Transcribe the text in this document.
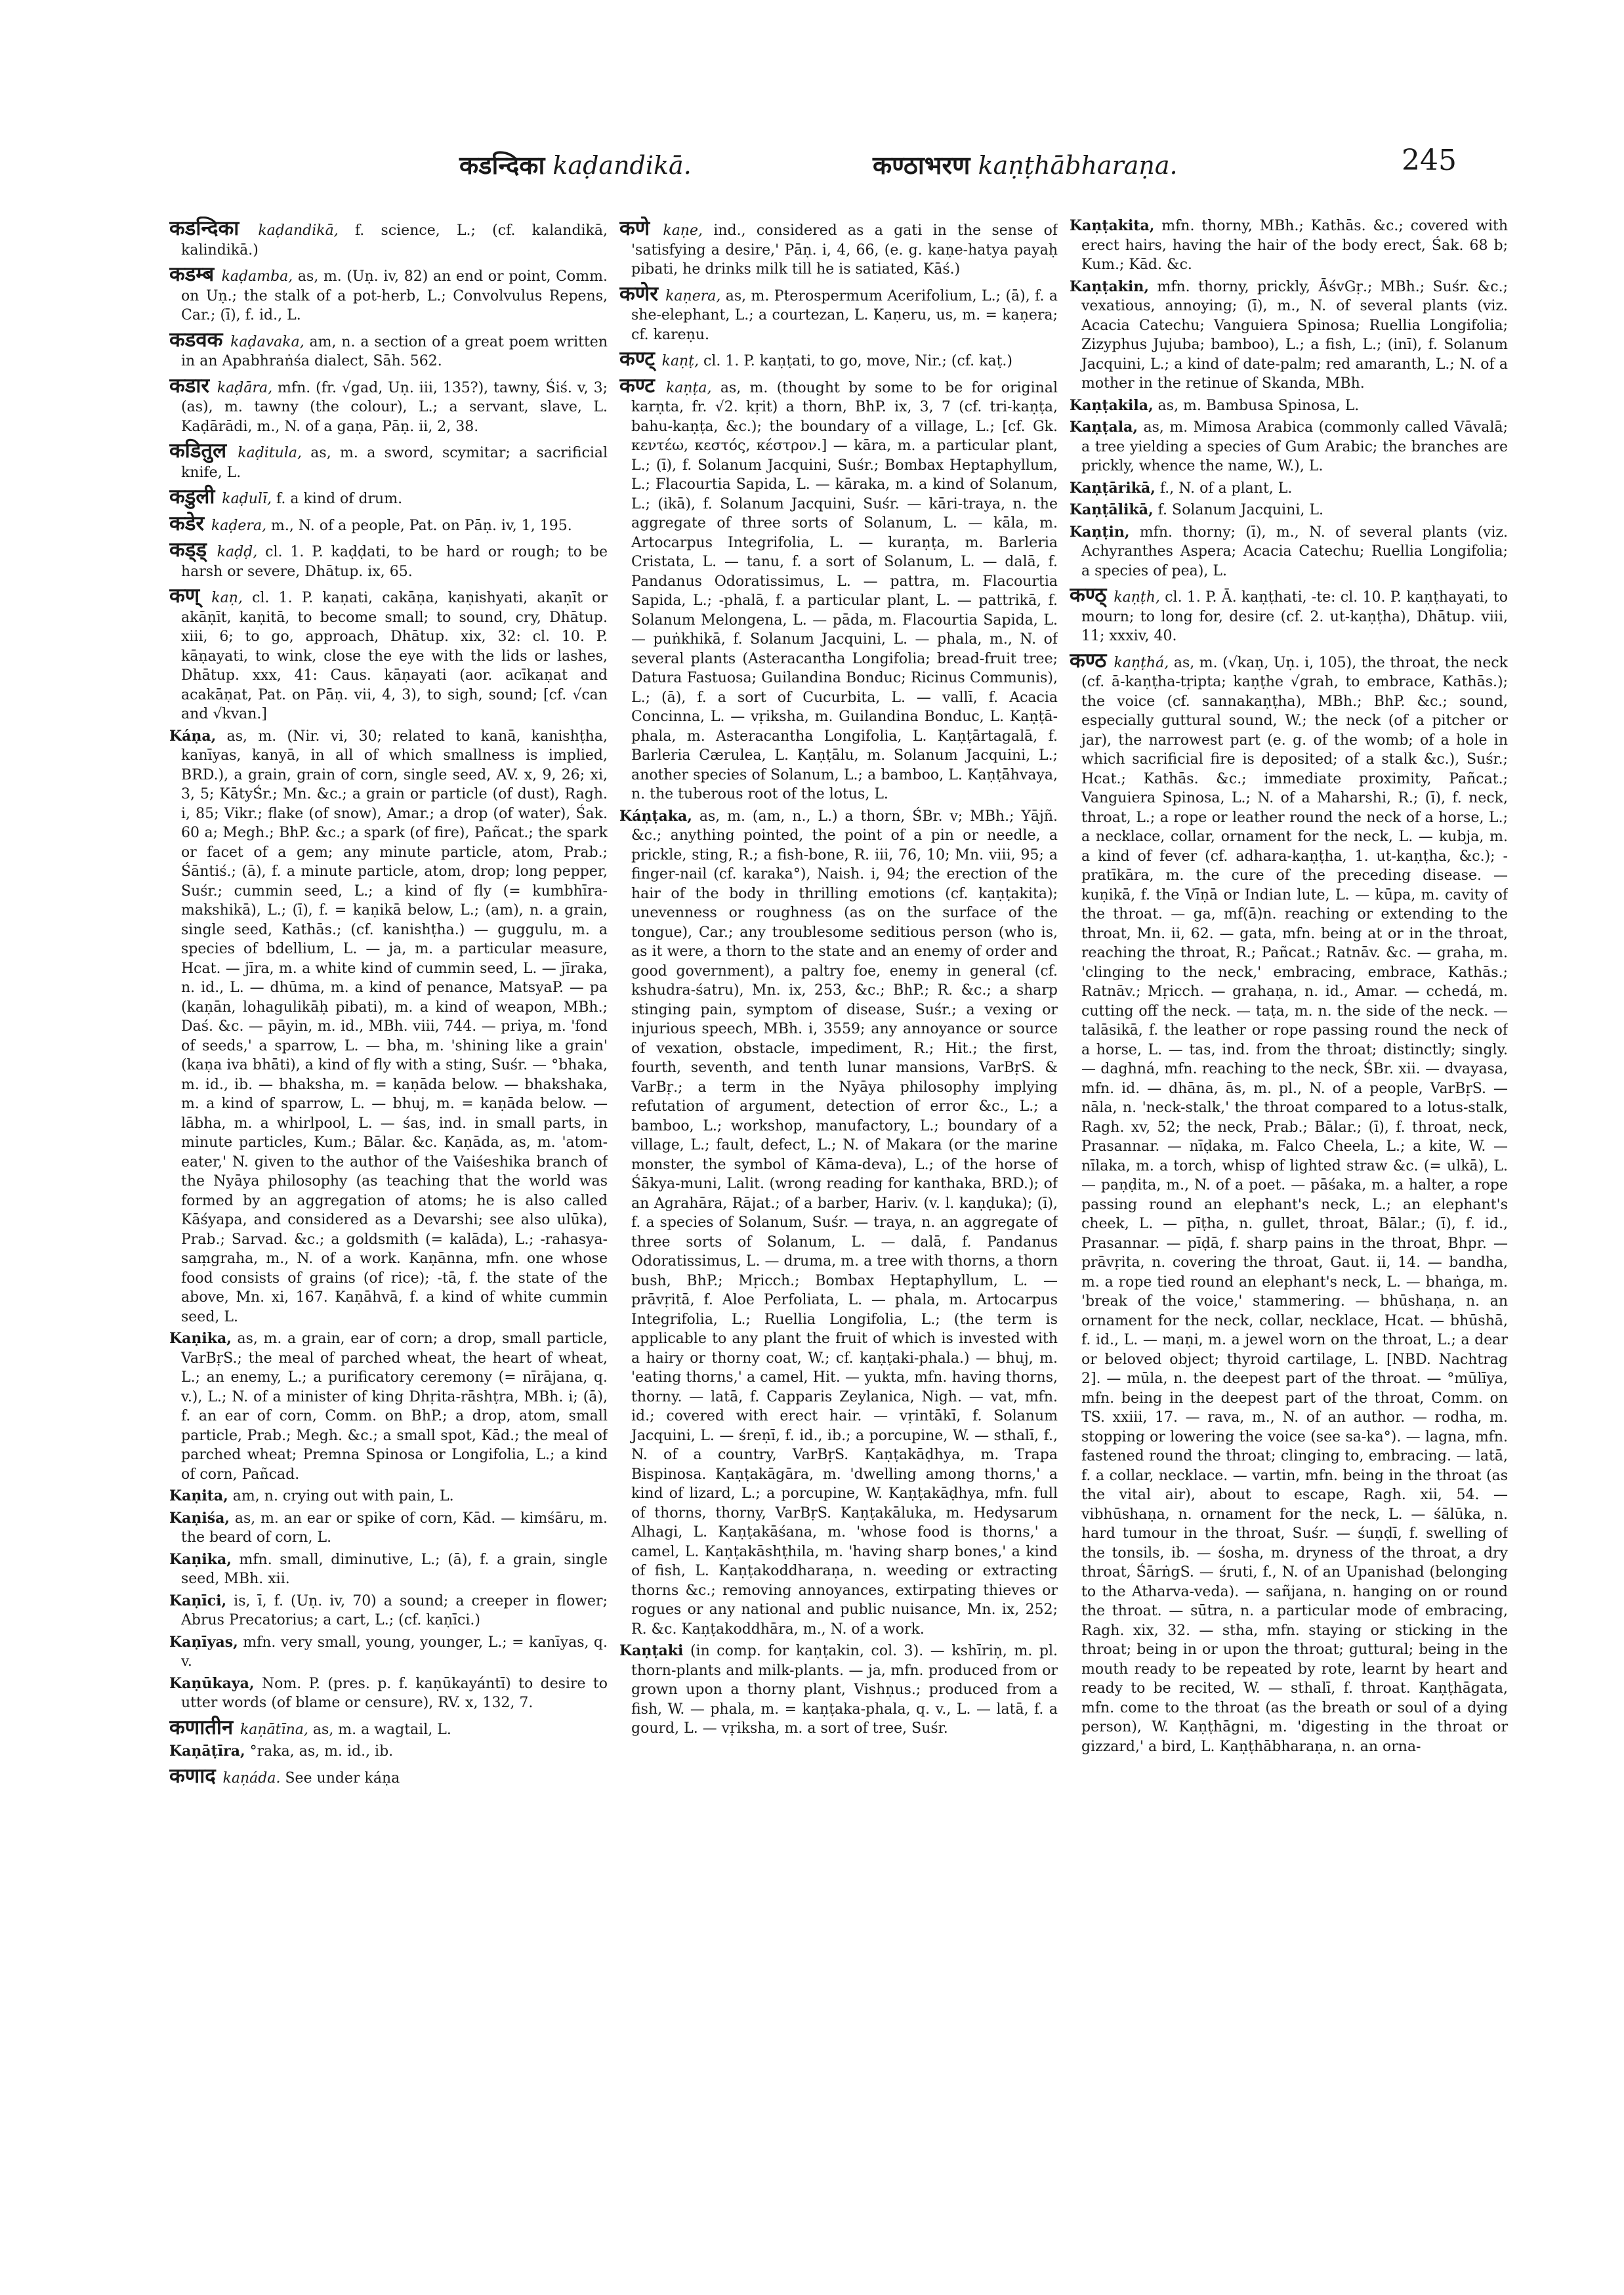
कडन्दिका kaḍandikā.	कण्ठाभरण kaṇṭhābharaṇa.	245

कडन्दिका kaḍandikā, f. science, L.; (cf. kalandikā, kalindikā.)

कडम्ब kaḍamba, as, m. (Uṇ. iv, 82) an end or point, Comm. on Uṇ.; the stalk of a pot-herb, L.; Convolvulus Repens, Car.; (ī), f. id., L.

कडवक kaḍavaka, am, n. a section of a great poem written in an Apabhraṅśa dialect, Sāh. 562.

कडार kaḍāra, mfn. (fr. √gad, Uṇ. iii, 135?), tawny, Śiś. v, 3; (as), m. tawny (the colour), L.; a servant, slave, L. Kaḍārādi, m., N. of a gaṇa, Pāṇ. ii, 2, 38.

कडितुल kaḍitula, as, m. a sword, scymitar; a sacrificial knife, L.

कडुली kaḍulī, f. a kind of drum.

कडेर kaḍera, m., N. of a people, Pat. on Pāṇ. iv, 1, 195.

कड्ड् kaḍḍ, cl. 1. P. kaḍḍati, to be hard or rough; to be harsh or severe, Dhātup. ix, 65.

कण् kaṇ, cl. 1. P. kaṇati, cakāṇa, kaṇishyati, akaṇīt or akāṇīt, kaṇitā, to become small; to sound, cry, Dhātup. xiii, 6; to go, approach, Dhātup. xix, 32: cl. 10. P. kāṇayati, to wink, close the eye with the lids or lashes, Dhātup. xxx, 41: Caus. kāṇayati (aor. acīkaṇat and acakāṇat, Pat. on Pāṇ. vii, 4, 3), to sigh, sound; [cf. √can and √kvan.]

Káṇa, as, m. (Nir. vi, 30; related to kanā, kanishṭha, kanīyas, kanyā, in all of which smallness is implied, BRD.), a grain, grain of corn, single seed, AV. x, 9, 26; xi, 3, 5; KātyŚr.; Mn. &c.; a grain or particle (of dust), Ragh. i, 85; Vikr.; flake (of snow), Amar.; a drop (of water), Śak. 60 a; Megh.; BhP. &c.; a spark (of fire), Pañcat.; the spark or facet of a gem; any minute particle, atom, Prab.; Śāntiś.; (ā), f. a minute particle, atom, drop; long pepper, Suśr.; cummin seed, L.; a kind of fly (= kumbhīra-makshikā), L.; (ī), f. = kaṇikā below, L.; (am), n. a grain, single seed, Kathās.; (cf. kanishṭha.) — guggulu, m. a species of bdellium, L. — ja, m. a particular measure, Hcat. — jīra, m. a white kind of cummin seed, L. — jīraka, n. id., L. — dhūma, m. a kind of penance, MatsyaP. — pa (kaṇān, lohagulikāḥ pibati), m. a kind of weapon, MBh.; Daś. &c. — pāyin, m. id., MBh. viii, 744. — priya, m. 'fond of seeds,' a sparrow, L. — bha, m. 'shining like a grain' (kaṇa iva bhāti), a kind of fly with a sting, Suśr. — °bhaka, m. id., ib. — bhaksha, m. = kaṇāda below. — bhakshaka, m. a kind of sparrow, L. — bhuj, m. = kaṇāda below. — lābha, m. a whirlpool, L. — śas, ind. in small parts, in minute particles, Kum.; Bālar. &c. Kaṇāda, as, m. 'atom-eater,' N. given to the author of the Vaiśeshika branch of the Nyāya philosophy (as teaching that the world was formed by an aggregation of atoms; he is also called Kāśyapa, and considered as a Devarshi; see also ulūka), Prab.; Sarvad. &c.; a goldsmith (= kalāda), L.; -rahasya-saṃgraha, m., N. of a work. Kaṇānna, mfn. one whose food consists of grains (of rice); -tā, f. the state of the above, Mn. xi, 167. Kaṇāhvā, f. a kind of white cummin seed, L.

Kaṇika, as, m. a grain, ear of corn; a drop, small particle, VarBṛS.; the meal of parched wheat, the heart of wheat, L.; an enemy, L.; a purificatory ceremony (= nīrājana, q. v.), L.; N. of a minister of king Dhṛita-rāshṭra, MBh. i; (ā), f. an ear of corn, Comm. on BhP.; a drop, atom, small particle, Prab.; Megh. &c.; a small spot, Kād.; the meal of parched wheat; Premna Spinosa or Longifolia, L.; a kind of corn, Pañcad.

Kaṇita, am, n. crying out with pain, L.

Kaṇiśa, as, m. an ear or spike of corn, Kād. — kimśāru, m. the beard of corn, L.

Kaṇika, mfn. small, diminutive, L.; (ā), f. a grain, single seed, MBh. xii.

Kaṇīci, is, ī, f. (Uṇ. iv, 70) a sound; a creeper in flower; Abrus Precatorius; a cart, L.; (cf. kaṇīci.)

Kaṇīyas, mfn. very small, young, younger, L.; = kanīyas, q. v.

Kaṇūkaya, Nom. P. (pres. p. f. kaṇūkayántī) to desire to utter words (of blame or censure), RV. x, 132, 7.

कणातीन kaṇātīna, as, m. a wagtail, L.

Kaṇāṭīra, °raka, as, m. id., ib.

कणाद kaṇáda. See under káṇa

कणे kaṇe, ind., considered as a gati in the sense of 'satisfying a desire,' Pāṇ. i, 4, 66, (e. g. kaṇe-hatya payaḥ pibati, he drinks milk till he is satiated, Kāś.)

कणेर kaṇera, as, m. Pterospermum Acerifolium, L.; (ā), f. a she-elephant, L.; a courtezan, L. Kaṇeru, us, m. = kaṇera; cf. kareṇu.

कण्ट् kaṇṭ, cl. 1. P. kaṇṭati, to go, move, Nir.; (cf. kaṭ.)

कण्ट kaṇṭa, as, m. (thought by some to be for original karṇta, fr. √2. kṛit) a thorn, BhP. ix, 3, 7 (cf. tri-kaṇṭa, bahu-kaṇṭa, &c.); the boundary of a village, L.; [cf. Gk. κεντέω, κεστός, κέστρον.] — kāra, m. a particular plant, L.; (ī), f. Solanum Jacquini, Suśr.; Bombax Heptaphyllum, L.; Flacourtia Sapida, L. — kāraka, m. a kind of Solanum, L.; (ikā), f. Solanum Jacquini, Suśr. — kāri-traya, n. the aggregate of three sorts of Solanum, L. — kāla, m. Artocarpus Integrifolia, L. — kuraṇṭa, m. Barleria Cristata, L. — tanu, f. a sort of Solanum, L. — dalā, f. Pandanus Odoratissimus, L. — pattra, m. Flacourtia Sapida, L.; -phalā, f. a particular plant, L. — pattrikā, f. Solanum Melongena, L. — pāda, m. Flacourtia Sapida, L. — puṅkhikā, f. Solanum Jacquini, L. — phala, m., N. of several plants (Asteracantha Longifolia; bread-fruit tree; Datura Fastuosa; Guilandina Bonduc; Ricinus Communis), L.; (ā), f. a sort of Cucurbita, L. — vallī, f. Acacia Concinna, L. — vṛiksha, m. Guilandina Bonduc, L. Kaṇṭā-phala, m. Asteracantha Longifolia, L. Kaṇṭārtagalā, f. Barleria Cærulea, L. Kaṇṭālu, m. Solanum Jacquini, L.; another species of Solanum, L.; a bamboo, L. Kaṇṭāhvaya, n. the tuberous root of the lotus, L.

Káṇṭaka, as, m. (am, n., L.) a thorn, ŚBr. v; MBh.; Yājñ. &c.; anything pointed, the point of a pin or needle, a prickle, sting, R.; a fish-bone, R. iii, 76, 10; Mn. viii, 95; a finger-nail (cf. karaka°), Naish. i, 94; the erection of the hair of the body in thrilling emotions (cf. kaṇṭakita); unevenness or roughness (as on the surface of the tongue), Car.; any troublesome seditious person (who is, as it were, a thorn to the state and an enemy of order and good government), a paltry foe, enemy in general (cf. kshudra-śatru), Mn. ix, 253, &c.; BhP.; R. &c.; a sharp stinging pain, symptom of disease, Suśr.; a vexing or injurious speech, MBh. i, 3559; any annoyance or source of vexation, obstacle, impediment, R.; Hit.; the first, fourth, seventh, and tenth lunar mansions, VarBṛS. & VarBṛ.; a term in the Nyāya philosophy implying refutation of argument, detection of error &c., L.; a bamboo, L.; workshop, manufactory, L.; boundary of a village, L.; fault, defect, L.; N. of Makara (or the marine monster, the symbol of Kāma-deva), L.; of the horse of Śākya-muni, Lalit. (wrong reading for kanthaka, BRD.); of an Agrahāra, Rājat.; of a barber, Hariv. (v. l. kaṇḍuka); (ī), f. a species of Solanum, Suśr. — traya, n. an aggregate of three sorts of Solanum, L. — dalā, f. Pandanus Odoratissimus, L. — druma, m. a tree with thorns, a thorn bush, BhP.; Mṛicch.; Bombax Heptaphyllum, L. — prāvṛitā, f. Aloe Perfoliata, L. — phala, m. Artocarpus Integrifolia, L.; Ruellia Longifolia, L.; (the term is applicable to any plant the fruit of which is invested with a hairy or thorny coat, W.; cf. kaṇṭaki-phala.) — bhuj, m. 'eating thorns,' a camel, Hit. — yukta, mfn. having thorns, thorny. — latā, f. Capparis Zeylanica, Nigh. — vat, mfn. id.; covered with erect hair. — vṛintākī, f. Solanum Jacquini, L. — śreṇī, f. id., ib.; a porcupine, W. — sthalī, f., N. of a country, VarBṛS. Kaṇṭakāḍhya, m. Trapa Bispinosa. Kaṇṭakāgāra, m. 'dwelling among thorns,' a kind of lizard, L.; a porcupine, W. Kaṇṭakāḍhya, mfn. full of thorns, thorny, VarBṛS. Kaṇṭakāluka, m. Hedysarum Alhagi, L. Kaṇṭakāśana, m. 'whose food is thorns,' a camel, L. Kaṇṭakāshṭhila, m. 'having sharp bones,' a kind of fish, L. Kaṇṭakoddharaṇa, n. weeding or extracting thorns &c.; removing annoyances, extirpating thieves or rogues or any national and public nuisance, Mn. ix, 252; R. &c. Kaṇṭakoddhāra, m., N. of a work.

Kaṇṭaki (in comp. for kaṇṭakin, col. 3). — kshīriṇ, m. pl. thorn-plants and milk-plants. — ja, mfn. produced from or grown upon a thorny plant, Vishṇus.; produced from a fish, W. — phala, m. = kaṇṭaka-phala, q. v., L. — latā, f. a gourd, L. — vṛiksha, m. a sort of tree, Suśr.

Kaṇṭakita, mfn. thorny, MBh.; Kathās. &c.; covered with erect hairs, having the hair of the body erect, Śak. 68 b; Kum.; Kād. &c.

Kaṇṭakin, mfn. thorny, prickly, ĀśvGṛ.; MBh.; Suśr. &c.; vexatious, annoying; (ī), m., N. of several plants (viz. Acacia Catechu; Vanguiera Spinosa; Ruellia Longifolia; Zizyphus Jujuba; bamboo), L.; a fish, L.; (inī), f. Solanum Jacquini, L.; a kind of date-palm; red amaranth, L.; N. of a mother in the retinue of Skanda, MBh.

Kaṇṭakila, as, m. Bambusa Spinosa, L.

Kaṇṭala, as, m. Mimosa Arabica (commonly called Vāvalā; a tree yielding a species of Gum Arabic; the branches are prickly, whence the name, W.), L.

Kaṇṭārikā, f., N. of a plant, L.

Kaṇṭālikā, f. Solanum Jacquini, L.

Kaṇṭin, mfn. thorny; (ī), m., N. of several plants (viz. Achyranthes Aspera; Acacia Catechu; Ruellia Longifolia; a species of pea), L.

कण्ठ् kaṇṭh, cl. 1. P. Ā. kaṇṭhati, -te: cl. 10. P. kaṇṭhayati, to mourn; to long for, desire (cf. 2. ut-kaṇṭha), Dhātup. viii, 11; xxxiv, 40.

कण्ठ kaṇṭhá, as, m. (√kaṇ, Uṇ. i, 105), the throat, the neck (cf. ā-kaṇṭha-tṛipta; kaṇṭhe √grah, to embrace, Kathās.); the voice (cf. sannakaṇṭha), MBh.; BhP. &c.; sound, especially guttural sound, W.; the neck (of a pitcher or jar), the narrowest part (e. g. of the womb; of a hole in which sacrificial fire is deposited; of a stalk &c.), Suśr.; Hcat.; Kathās. &c.; immediate proximity, Pañcat.; Vanguiera Spinosa, L.; N. of a Maharshi, R.; (ī), f. neck, throat, L.; a rope or leather round the neck of a horse, L.; a necklace, collar, ornament for the neck, L. — kubja, m. a kind of fever (cf. adhara-kaṇṭha, 1. ut-kaṇṭha, &c.); -pratīkāra, m. the cure of the preceding disease. — kuṇikā, f. the Vīṇā or Indian lute, L. — kūpa, m. cavity of the throat. — ga, mf(ā)n. reaching or extending to the throat, Mn. ii, 62. — gata, mfn. being at or in the throat, reaching the throat, R.; Pañcat.; Ratnāv. &c. — graha, m. 'clinging to the neck,' embracing, embrace, Kathās.; Ratnāv.; Mṛicch. — grahaṇa, n. id., Amar. — cchedá, m. cutting off the neck. — taṭa, m. n. the side of the neck. — talāsikā, f. the leather or rope passing round the neck of a horse, L. — tas, ind. from the throat; distinctly; singly. — daghná, mfn. reaching to the neck, ŚBr. xii. — dvayasa, mfn. id. — dhāna, ās, m. pl., N. of a people, VarBṛS. — nāla, n. 'neck-stalk,' the throat compared to a lotus-stalk, Ragh. xv, 52; the neck, Prab.; Bālar.; (ī), f. throat, neck, Prasannar. — nīḍaka, m. Falco Cheela, L.; a kite, W. — nīlaka, m. a torch, whisp of lighted straw &c. (= ulkā), L. — paṇḍita, m., N. of a poet. — pāśaka, m. a halter, a rope passing round an elephant's neck, L.; an elephant's cheek, L. — pīṭha, n. gullet, throat, Bālar.; (ī), f. id., Prasannar. — pīḍā, f. sharp pains in the throat, Bhpr. — prāvṛita, n. covering the throat, Gaut. ii, 14. — bandha, m. a rope tied round an elephant's neck, L. — bhaṅga, m. 'break of the voice,' stammering. — bhūshaṇa, n. an ornament for the neck, collar, necklace, Hcat. — bhūshā, f. id., L. — maṇi, m. a jewel worn on the throat, L.; a dear or beloved object; thyroid cartilage, L. [NBD. Nachtrag 2]. — mūla, n. the deepest part of the throat. — °mūlīya, mfn. being in the deepest part of the throat, Comm. on TS. xxiii, 17. — rava, m., N. of an author. — rodha, m. stopping or lowering the voice (see sa-ka°). — lagna, mfn. fastened round the throat; clinging to, embracing. — latā, f. a collar, necklace. — vartin, mfn. being in the throat (as the vital air), about to escape, Ragh. xii, 54. — vibhūshaṇa, n. ornament for the neck, L. — śālūka, n. hard tumour in the throat, Suśr. — śuṇḍī, f. swelling of the tonsils, ib. — śosha, m. dryness of the throat, a dry throat, ŚārṅgS. — śruti, f., N. of an Upanishad (belonging to the Atharva-veda). — sañjana, n. hanging on or round the throat. — sūtra, n. a particular mode of embracing, Ragh. xix, 32. — stha, mfn. staying or sticking in the throat; being in or upon the throat; guttural; being in the mouth ready to be repeated by rote, learnt by heart and ready to be recited, W. — sthalī, f. throat. Kaṇṭhāgata, mfn. come to the throat (as the breath or soul of a dying person), W. Kaṇṭhāgni, m. 'digesting in the throat or gizzard,' a bird, L. Kaṇṭhābharaṇa, n. an orna-
